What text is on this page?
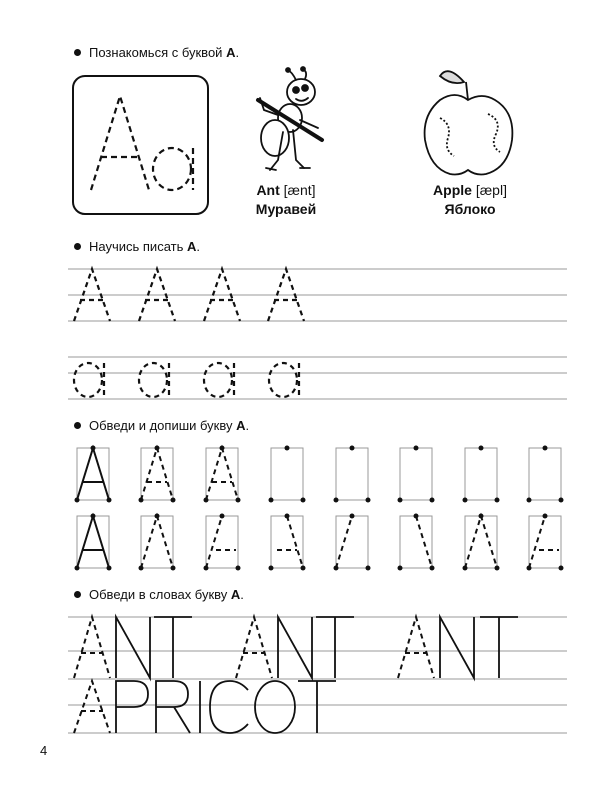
Познакомься с буквой А.
Научись писать А.
Обведи и допиши букву А.
Обведи в словах букву А.
Ant [ænt]
Муравей
Apple [æpl]
Яблоко
4
